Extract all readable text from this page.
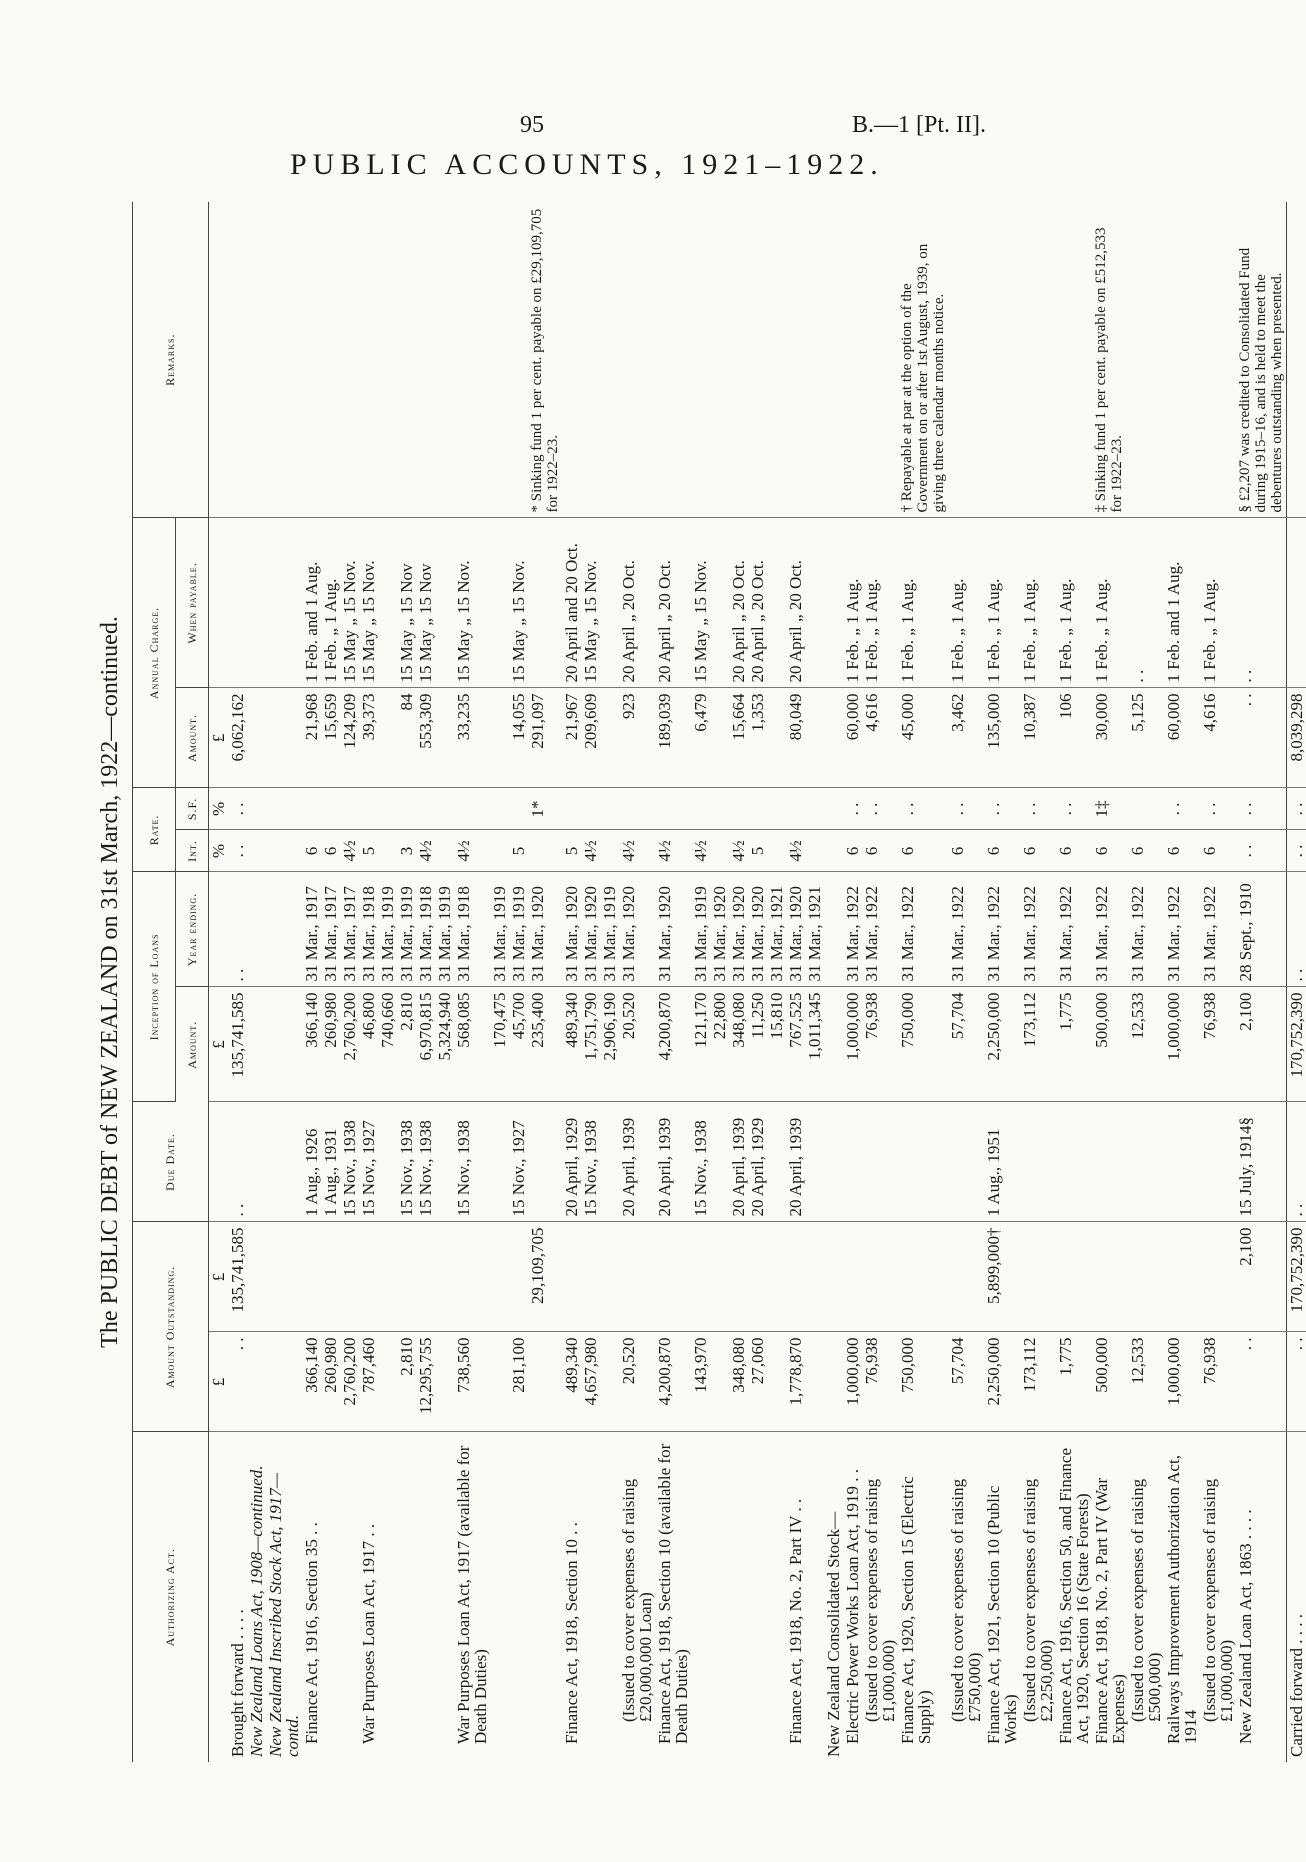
95	B.—1 [Pt. II].
PUBLIC ACCOUNTS, 1921–1922.
The PUBLIC DEBT of NEW ZEALAND on 31st March, 1922—continued.
Authorizing Act.	Amount Outstanding.		Due Date.	Inception of Loans		Rate.		Annual Charge.		Remarks.
				Amount.	Year ending.	Int.	S.F.	Amount.	When payable.	
	£	£		£		%	%	£		
Brought forward . . . .	. .	135,741,585	. .	135,741,585	. .	. .	. .	6,062,162		
New Zealand Loans Act, 1908—continued.										
New Zealand Inscribed Stock Act, 1917—contd.										
Finance Act, 1916, Section 35 . .	366,140		1 Aug., 1926	366,140	31 Mar., 1917	6		21,968	1 Feb. and 1 Aug.	
	260,980		1 Aug., 1931	260,980	31 Mar., 1917	6		15,659	1 Feb. „ 1 Aug.	
	2,760,200		15 Nov., 1938	2,760,200	31 Mar., 1917	4½		124,209	15 May „ 15 Nov.	
War Purposes Loan Act, 1917 . .	787,460		15 Nov., 1927	46,800	31 Mar., 1918	5		39,373	15 May „ 15 Nov.	
				740,660	31 Mar., 1919					
	2,810		15 Nov., 1938	2,810	31 Mar., 1919	3		84	15 May „ 15 Nov	
	12,295,755		15 Nov., 1938	6,970,815	31 Mar., 1918	4½		553,309	15 May „ 15 Nov	
				5,324,940	31 Mar., 1919					
War Purposes Loan Act, 1917 (available for Death Duties)	738,560		15 Nov., 1938	568,085	31 Mar., 1918	4½		33,235	15 May „ 15 Nov.	
				170,475	31 Mar., 1919					
	281,100		15 Nov., 1927	45,700	31 Mar., 1919	5		14,055	15 May „ 15 Nov.	
		29,109,705		235,400	31 Mar., 1920		1*	291,097		* Sinking fund 1 per cent. payable on £29,109,705 for 1922–23.
Finance Act, 1918, Section 10 . .	489,340		20 April, 1929	489,340	31 Mar., 1920	5		21,967	20 April and 20 Oct.	
	4,657,980		15 Nov., 1938	1,751,790	31 Mar., 1920	4½		209,609	15 May „ 15 Nov.	
				2,906,190	31 Mar., 1919					
(Issued to cover expenses of raising £20,000,000 Loan)	20,520		20 April, 1939	20,520	31 Mar., 1920	4½		923	20 April „ 20 Oct.	
Finance Act, 1918, Section 10 (available for Death Duties)	4,200,870		20 April, 1939	4,200,870	31 Mar., 1920	4½		189,039	20 April „ 20 Oct.	
	143,970		15 Nov., 1938	121,170	31 Mar., 1919	4½		6,479	15 May „ 15 Nov.	
				22,800	31 Mar., 1920					
	348,080		20 April, 1939	348,080	31 Mar., 1920	4½		15,664	20 April „ 20 Oct.	
	27,060		20 April, 1929	11,250	31 Mar., 1920	5		1,353	20 April „ 20 Oct.	
				15,810	31 Mar., 1921					
Finance Act, 1918, No. 2, Part IV . .	1,778,870		20 April, 1939	767,525	31 Mar., 1920	4½		80,049	20 April „ 20 Oct.	
				1,011,345	31 Mar., 1921					
New Zealand Consolidated Stock—										
Electric Power Works Loan Act, 1919 . .	1,000,000			1,000,000	31 Mar., 1922	6	. .	60,000	1 Feb. „ 1 Aug.	
(Issued to cover expenses of raising £1,000,000)	76,938			76,938	31 Mar., 1922	6	. .	4,616	1 Feb. „ 1 Aug.	
Finance Act, 1920, Section 15 (Electric Supply)	750,000			750,000	31 Mar., 1922	6	. .	45,000	1 Feb. „ 1 Aug.	† Repayable at par at the option of the Government on or after 1st August, 1939, on giving three calendar months notice.
(Issued to cover expenses of raising £750,000)	57,704			57,704	31 Mar., 1922	6	. .	3,462	1 Feb. „ 1 Aug.	
Finance Act, 1921, Section 10 (Public Works)	2,250,000	5,899,000†	1 Aug., 1951	2,250,000	31 Mar., 1922	6	. .	135,000	1 Feb. „ 1 Aug.	
(Issued to cover expenses of raising £2,250,000)	173,112			173,112	31 Mar., 1922	6	. .	10,387	1 Feb. „ 1 Aug.	
Finance Act, 1916, Section 50, and Finance Act, 1920, Section 16 (State Forests)	1,775			1,775	31 Mar., 1922	6	. .	106	1 Feb. „ 1 Aug.	
Finance Act, 1918, No. 2, Part IV (War Expenses)	500,000			500,000	31 Mar., 1922	6	1‡	30,000	1 Feb. „ 1 Aug.	‡ Sinking fund 1 per cent. payable on £512,533 for 1922–23.
(Issued to cover expenses of raising £500,000)	12,533			12,533	31 Mar., 1922	6		5,125	. .	
Railways Improvement Authorization Act, 1914	1,000,000			1,000,000	31 Mar., 1922	6	. .	60,000	1 Feb. and 1 Aug.	
(Issued to cover expenses of raising £1,000,000)	76,938			76,938	31 Mar., 1922	6	. .	4,616	1 Feb. „ 1 Aug.	
New Zealand Loan Act, 1863 . . . .	. .	2,100	15 July, 1914§	2,100	28 Sept., 1910	. .	. .	. .	. .	§ £2,207 was credited to Consolidated Fund during 1915–16, and is held to meet the debentures outstanding when presented.
Carried forward . . . .	. .	170,752,390	. .	170,752,390	. .	. .	. .	8,039,298		
